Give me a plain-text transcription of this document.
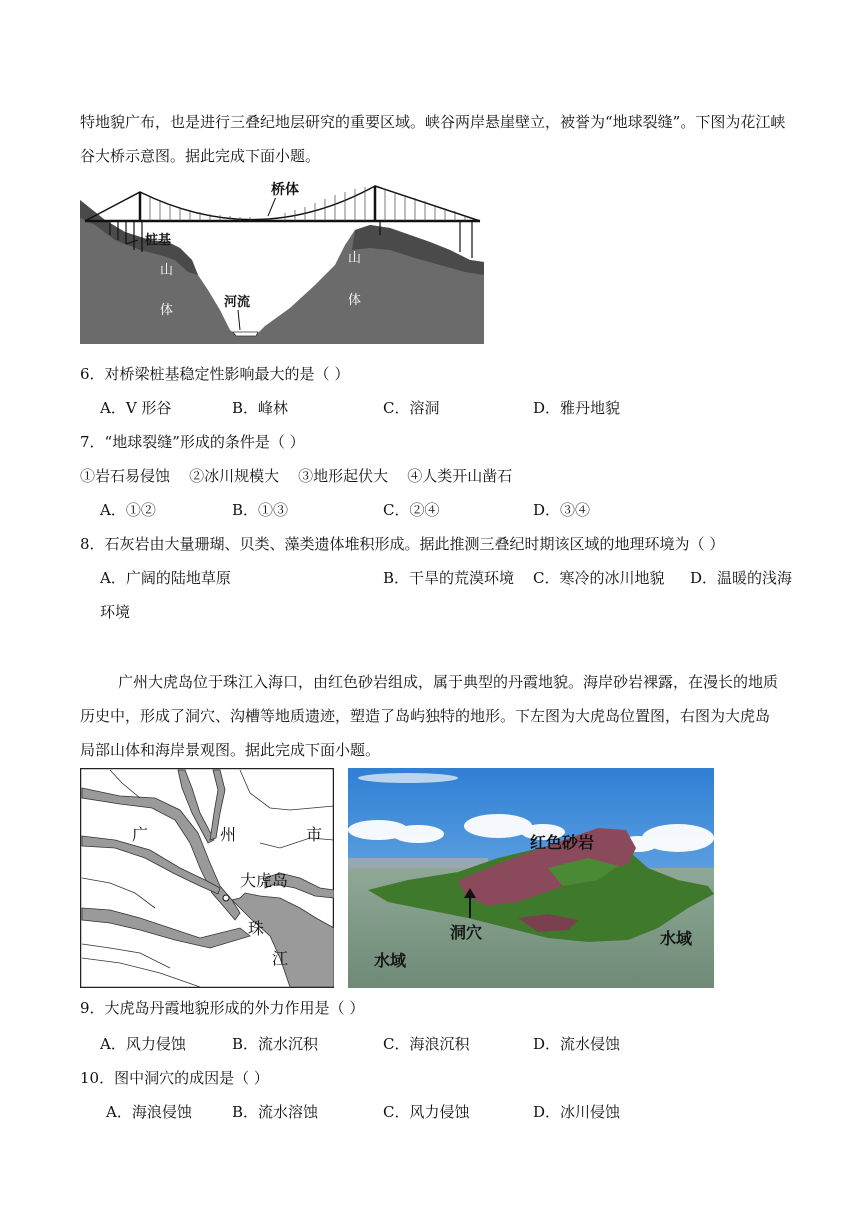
特地貌广布，也是进行三叠纪地层研究的重要区域。峡谷两岸悬崖壁立，被誉为“地球裂缝”。下图为花江峡
谷大桥示意图。据此完成下面小题。
桥体
桩基
山
体
山
体
河流
6．对桥梁桩基稳定性影响最大的是（ ）
A．V 形谷	B．峰林	C．溶洞	D．雅丹地貌
7．“地球裂缝”形成的条件是（ ）
①岩石易侵蚀    ②冰川规模大    ③地形起伏大    ④人类开山凿石
A．①②	B．①③	C．②④	D．③④
8．石灰岩由大量珊瑚、贝类、藻类遗体堆积形成。据此推测三叠纪时期该区域的地理环境为（ ）
A．广阔的陆地草原	B．干旱的荒漠环境 C．寒冷的冰川地貌 D．温暖的浅海
环境
广州大虎岛位于珠江入海口，由红色砂岩组成，属于典型的丹霞地貌。海岸砂岩裸露，在漫长的地质
历史中，形成了洞穴、沟槽等地质遗迹，塑造了岛屿独特的地形。下左图为大虎岛位置图，右图为大虎岛
局部山体和海岸景观图。据此完成下面小题。
广	州	市
大虎岛
珠
江
红色砂岩
洞穴
水域
水域
9．大虎岛丹霞地貌形成的外力作用是（ ）
A．风力侵蚀	B．流水沉积	C．海浪沉积	D．流水侵蚀
10．图中洞穴的成因是（ ）
A．海浪侵蚀	B．流水溶蚀	C．风力侵蚀	D．冰川侵蚀
